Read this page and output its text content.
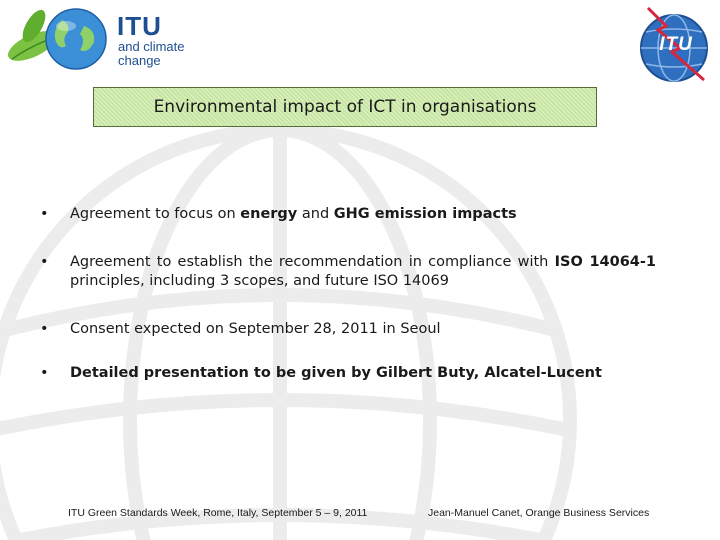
ITU
and climate
change
ITU
Environmental impact of ICT in organisations
• Agreement to focus on energy and GHG emission impacts
• Agreement to establish the recommendation in compliance with ISO 14064-1 principles, including 3 scopes, and future ISO 14069
• Consent expected on September 28, 2011 in Seoul
• Detailed presentation to be given by Gilbert Buty, Alcatel-Lucent
ITU Green Standards Week, Rome, Italy, September 5 – 9, 2011	Jean-Manuel Canet, Orange Business Services
